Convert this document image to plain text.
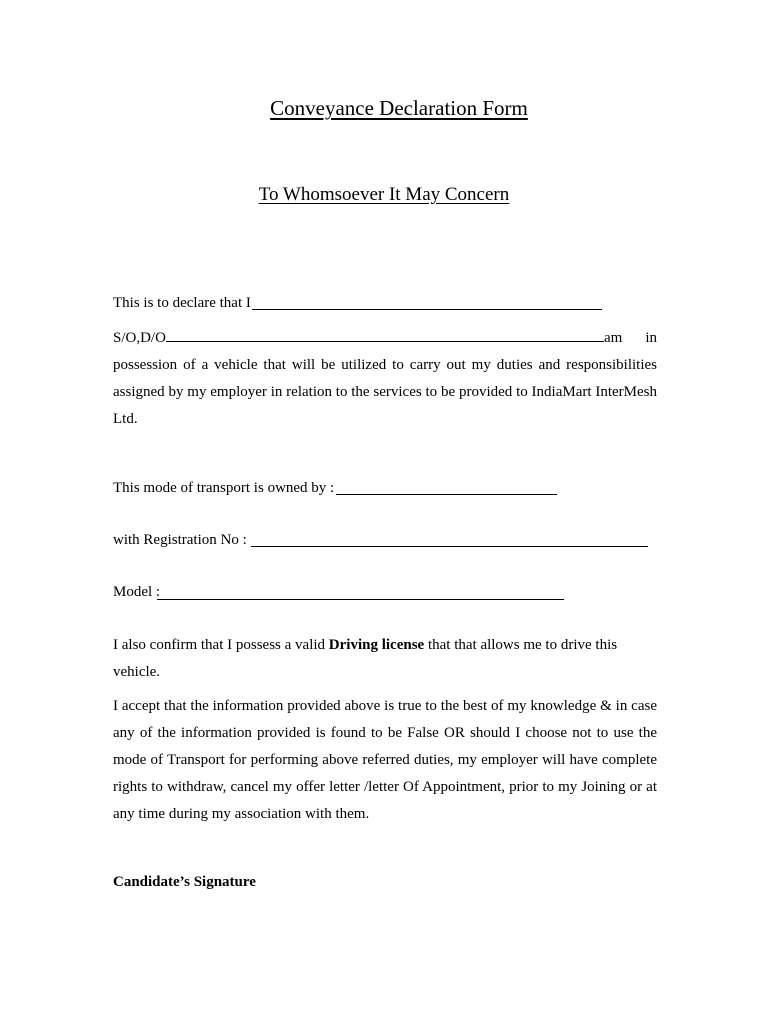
Conveyance Declaration Form
To Whomsoever It May Concern
This is to declare that I
S/O,D/O	am in
possession of a vehicle that will be utilized to carry out my duties and responsibilities assigned by my employer in relation to the services to be provided to IndiaMart InterMesh Ltd.
This mode of transport is owned by :
with Registration No :
Model :
I also confirm that I possess a valid Driving license that that allows me to drive this vehicle.
I accept that the information provided above is true to the best of my knowledge & in case any of the information provided is found to be False OR should I choose not to use the mode of Transport for performing above referred duties, my employer will have complete rights to withdraw, cancel my offer letter /letter Of Appointment, prior to my Joining or at any time during my association with them.
Candidate’s Signature
